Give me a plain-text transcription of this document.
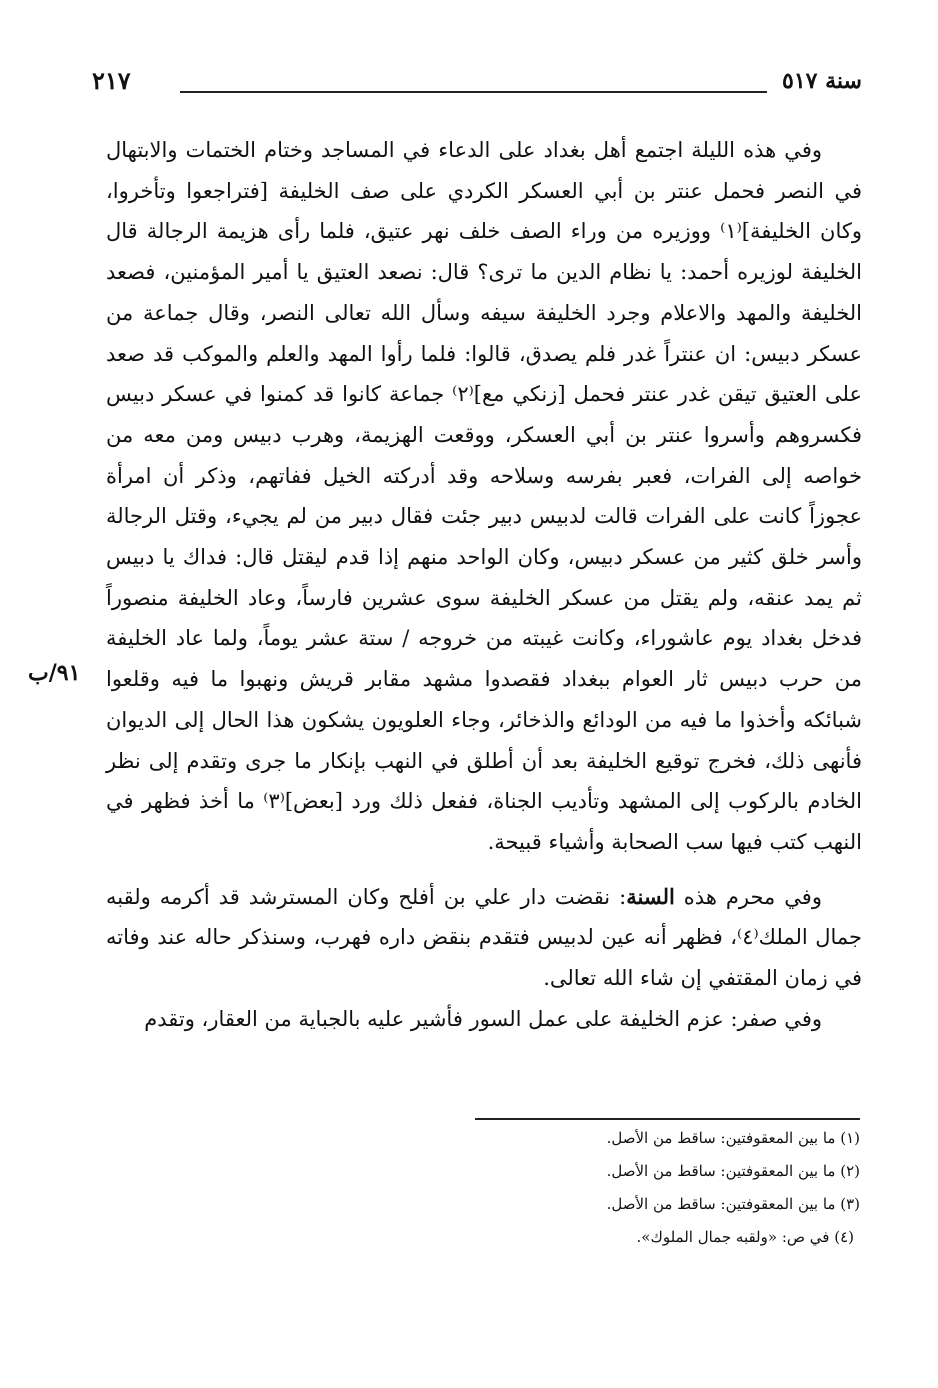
سنة ٥١٧
٢١٧
٩١/ب

وفي هذه الليلة اجتمع أهل بغداد على الدعاء في المساجد وختام الختمات والابتهال في النصر فحمل عنتر بن أبي العسكر الكردي على صف الخليفة [فتراجعوا وتأخروا، وكان الخليفة]⁽١⁾ ووزيره من وراء الصف خلف نهر عتيق، فلما رأى هزيمة الرجالة قال الخليفة لوزيره أحمد: يا نظام الدين ما ترى؟ قال: نصعد العتيق يا أمير المؤمنين، فصعد الخليفة والمهد والاعلام وجرد الخليفة سيفه وسأل الله تعالى النصر، وقال جماعة من عسكر دبيس: ان عنتراً غدر فلم يصدق، قالوا: فلما رأوا المهد والعلم والموكب قد صعد على العتيق تيقن غدر عنتر فحمل [زنكي مع]⁽٢⁾ جماعة كانوا قد كمنوا في عسكر دبيس فكسروهم وأسروا عنتر بن أبي العسكر، ووقعت الهزيمة، وهرب دبيس ومن معه من خواصه إلى الفرات، فعبر بفرسه وسلاحه وقد أدركته الخيل ففاتهم، وذكر أن امرأة عجوزاً كانت على الفرات قالت لدبيس دبير جئت فقال دبير من لم يجيء، وقتل الرجالة وأسر خلق كثير من عسكر دبيس، وكان الواحد منهم إذا قدم ليقتل قال: فداك يا دبيس ثم يمد عنقه، ولم يقتل من عسكر الخليفة سوى عشرين فارساً، وعاد الخليفة منصوراً فدخل بغداد يوم عاشوراء، وكانت غيبته من خروجه / ستة عشر يوماً، ولما عاد الخليفة من حرب دبيس ثار العوام ببغداد فقصدوا مشهد مقابر قريش ونهبوا ما فيه وقلعوا شبائكه وأخذوا ما فيه من الودائع والذخائر، وجاء العلويون يشكون هذا الحال إلى الديوان فأنهى ذلك، فخرج توقيع الخليفة بعد أن أطلق في النهب بإنكار ما جرى وتقدم إلى نظر الخادم بالركوب إلى المشهد وتأديب الجناة، ففعل ذلك ورد [بعض]⁽٣⁾ ما أخذ فظهر في النهب كتب فيها سب الصحابة وأشياء قبيحة.

وفي محرم هذه السنة: نقضت دار علي بن أفلح وكان المسترشد قد أكرمه ولقبه جمال الملك⁽٤⁾، فظهر أنه عين لدبيس فتقدم بنقض داره فهرب، وسنذكر حاله عند وفاته في زمان المقتفي إن شاء الله تعالى.

وفي صفر: عزم الخليفة على عمل السور فأشير عليه بالجباية من العقار، وتقدم

(١) ما بين المعقوفتين: ساقط من الأصل.
(٢) ما بين المعقوفتين: ساقط من الأصل.
(٣) ما بين المعقوفتين: ساقط من الأصل.
(٤) في ص: «ولقبه جمال الملوك».
